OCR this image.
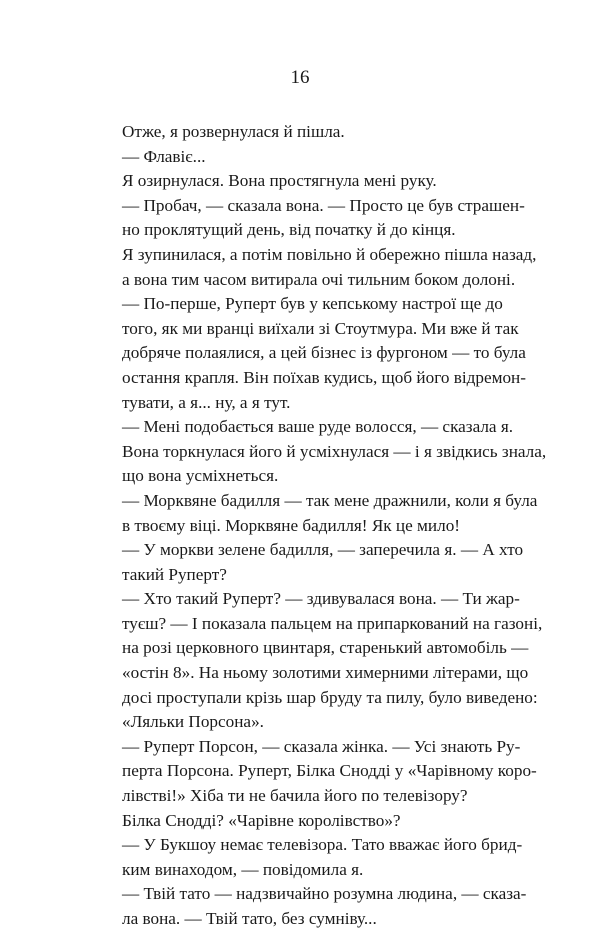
16
Отже, я розвернулася й пішла.
— Флавіє...
Я озирнулася. Вона простягнула мені руку.
— Пробач, — сказала вона. — Просто це був страшен-
но проклятущий день, від початку й до кінця.
Я зупинилася, а потім повільно й обережно пішла назад,
а вона тим часом витирала очі тильним боком долоні.
— По-перше, Руперт був у кепському настрої ще до
того, як ми вранці виїхали зі Стоутмура. Ми вже й так
добряче полаялися, а цей бізнес із фургоном — то була
остання крапля. Він поїхав кудись, щоб його відремон-
тувати, а я... ну, а я тут.
— Мені подобається ваше руде волосся, — сказала я.
Вона торкнулася його й усміхнулася — і я звідкись знала,
що вона усміхнеться.
— Морквяне бадилля — так мене дражнили, коли я була
в твоєму віці. Морквяне бадилля! Як це мило!
— У моркви зелене бадилля, — заперечила я. — А хто
такий Руперт?
— Хто такий Руперт? — здивувалася вона. — Ти жар-
туєш? — І показала пальцем на припаркований на газоні,
на розі церковного цвинтаря, старенький автомобіль —
«остін 8». На ньому золотими химерними літерами, що
досі проступали крізь шар бруду та пилу, було виведено:
«Ляльки Порсона».
— Руперт Порсон, — сказала жінка. — Усі знають Ру-
перта Порсона. Руперт, Білка Снодді у «Чарівному коро-
лівстві!» Хіба ти не бачила його по телевізору?
Білка Снодді? «Чарівне королівство»?
— У Букшоу немає телевізора. Тато вважає його брид-
ким винаходом, — повідомила я.
— Твій тато — надзвичайно розумна людина, — сказа-
ла вона. — Твій тато, без сумніву...
